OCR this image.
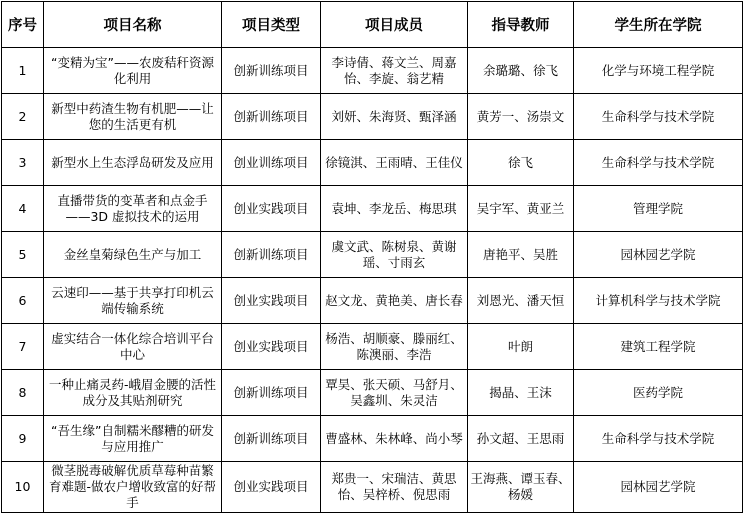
序号	项目名称	项目类型	项目成员	指导教师	学生所在学院
1	“变精为宝”——农废秸秆资源化利用	创新训练项目	李诗倩、蒋文兰、周嘉怡、李旋、翁艺精	余璐璐、徐飞	化学与环境工程学院
2	新型中药渣生物有机肥——让您的生活更有机	创新训练项目	刘妍、朱海贤、甄泽涵	黄芳一、汤崇文	生命科学与技术学院
3	新型水上生态浮岛研发及应用	创业训练项目	徐镜淇、王雨晴、王佳仪	徐飞	生命科学与技术学院
4	直播带货的变革者和点金手——3D 虚拟技术的运用	创业实践项目	袁坤、李龙岳、梅思琪	吴宇军、黄亚兰	管理学院
5	金丝皇菊绿色生产与加工	创新训练项目	虞文武、陈树泉、黄谢瑶、寸雨玄	唐艳平、吴胜	园林园艺学院
6	云速印——基于共享打印机云端传输系统	创业实践项目	赵文龙、黄艳美、唐长春	刘恩光、潘天恒	计算机科学与技术学院
7	虚实结合一体化综合培训平台中心	创业实践项目	杨浩、胡顺豪、滕丽红、陈澳丽、李浩	叶朗	建筑工程学院
8	一种止痛灵药-峨眉金腰的活性成分及其贴剂研究	创新训练项目	覃昊、张天硕、马舒月、吴鑫圳、朱灵洁	揭晶、王沫	医药学院
9	“吾生缘”自制糯米醪糟的研发与应用推广	创新训练项目	曹盛林、朱林峰、尚小琴	孙文超、王思雨	生命科学与技术学院
10	微茎脱毒破解优质草莓种苗繁育难题-做农户增收致富的好帮手	创业实践项目	郑贵一、宋瑞洁、黄思怡、吴梓桥、倪思雨	王海燕、谭玉春、杨媛	园林园艺学院
